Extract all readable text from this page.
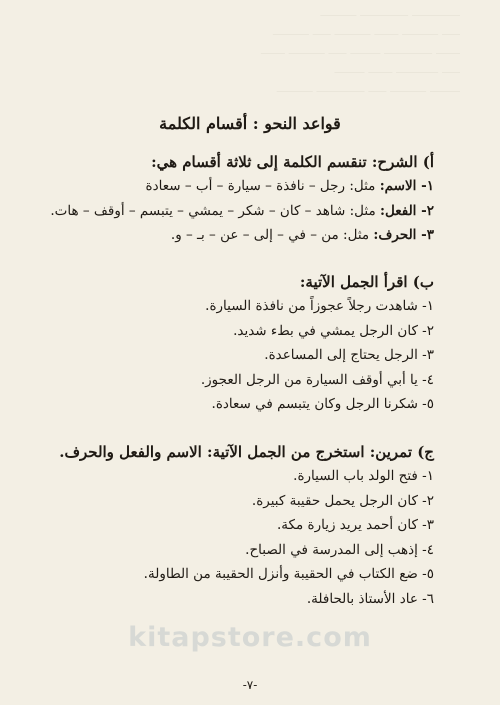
________ ________ ______
___ ______ ____ ______ ___ ______
____ ________ _____ ___ ______ ____
___ _______ ____ _____
_____ ______ ___ ________ ______
قواعد النحو : أقسام الكلمة
أ) الشرح: تنقسم الكلمة إلى ثلاثة أقسام هي:
١- الاسم: مثل: رجل – نافذة – سيارة – أب – سعادة
٢- الفعل: مثل: شاهد – كان – شكر – يمشي – يتبسم – أوقف – هات.
٣- الحرف: مثل: من – في – إلى – عن – بـ – و.
ب) اقرأ الجمل الآتية:
١- شاهدت رجلاً عجوزاً من نافذة السيارة.
٢- كان الرجل يمشي في بطء شديد.
٣- الرجل يحتاج إلى المساعدة.
٤- يا أبي أوقف السيارة من الرجل العجوز.
٥- شكرنا الرجل وكان يتبسم في سعادة.
ج) تمرين: استخرج من الجمل الآتية: الاسم والفعل والحرف.
١- فتح الولد باب السيارة.
٢- كان الرجل يحمل حقيبة كبيرة.
٣- كان أحمد يريد زيارة مكة.
٤- إذهب إلى المدرسة في الصباح.
٥- ضع الكتاب في الحقيبة وأنزل الحقيبة من الطاولة.
٦- عاد الأستاذ بالحافلة.
kitapstore.com
-٧-
